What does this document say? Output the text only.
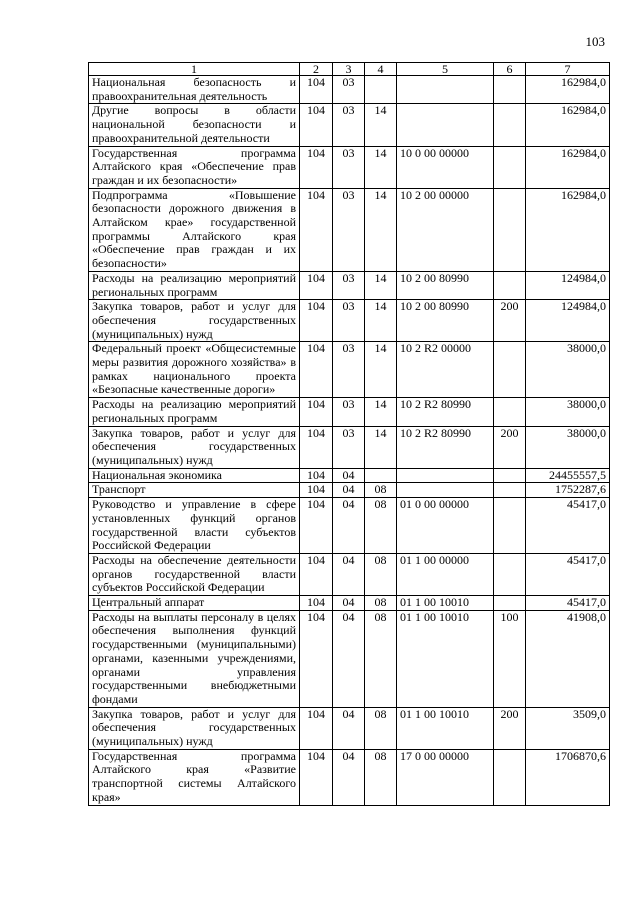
103
1	2	3	4	5	6	7
Национальная безопасность и правоохранительная деятельность	104	03				162984,0
Другие вопросы в области национальной безопасности и правоохранительной деятельности	104	03	14			162984,0
Государственная программа Алтайского края «Обеспечение прав граждан и их безопасности»	104	03	14	10 0 00 00000		162984,0
Подпрограмма «Повышение безопасности дорожного движения в Алтайском крае» государственной программы Алтайского края «Обеспечение прав граждан и их безопасности»	104	03	14	10 2 00 00000		162984,0
Расходы на реализацию мероприятий региональных программ	104	03	14	10 2 00 80990		124984,0
Закупка товаров, работ и услуг для обеспечения государственных (муниципальных) нужд	104	03	14	10 2 00 80990	200	124984,0
Федеральный проект «Общесистемные меры развития дорожного хозяйства» в рамках национального проекта «Безопасные качественные дороги»	104	03	14	10 2 R2 00000		38000,0
Расходы на реализацию мероприятий региональных программ	104	03	14	10 2 R2 80990		38000,0
Закупка товаров, работ и услуг для обеспечения государственных (муниципальных) нужд	104	03	14	10 2 R2 80990	200	38000,0
Национальная экономика	104	04				24455557,5
Транспорт	104	04	08			1752287,6
Руководство и управление в сфере установленных функций органов государственной власти субъектов Российской Федерации	104	04	08	01 0 00 00000		45417,0
Расходы на обеспечение деятельности органов государственной власти субъектов Российской Федерации	104	04	08	01 1 00 00000		45417,0
Центральный аппарат	104	04	08	01 1 00 10010		45417,0
Расходы на выплаты персоналу в целях обеспечения выполнения функций государственными (муниципальными) органами, казенными учреждениями, органами управления государственными внебюджетными фондами	104	04	08	01 1 00 10010	100	41908,0
Закупка товаров, работ и услуг для обеспечения государственных (муниципальных) нужд	104	04	08	01 1 00 10010	200	3509,0
Государственная программа Алтайского края «Развитие транспортной системы Алтайского края»	104	04	08	17 0 00 00000		1706870,6
